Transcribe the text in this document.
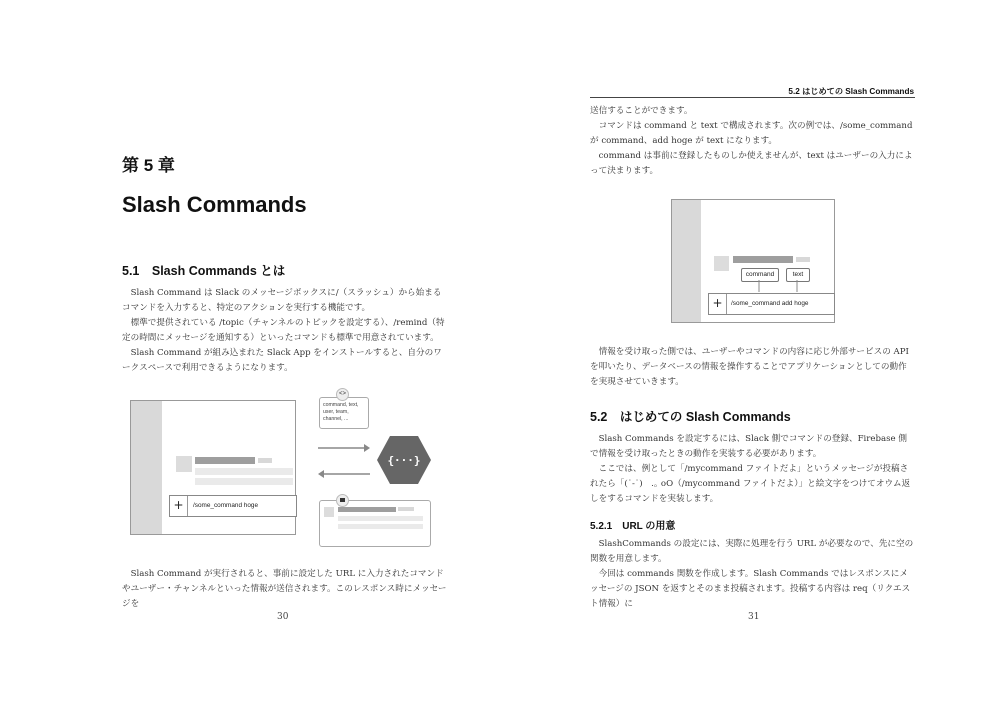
第 5 章
Slash Commands
5.1　Slash Commands とは

Slash Command は Slack のメッセージボックスに/（スラッシュ）から始まるコマンドを入力すると、特定のアクションを実行する機能です。

標準で提供されている /topic（チャンネルのトピックを設定する）、/remind（特定の時間にメッセージを通知する）といったコマンドも標準で用意されています。

Slash Command が組み込まれた Slack App をインストールすると、自分のワークスペースで利用できるようになります。

+	/some_command hoge
command, text,
user, team,
channel, ...
<>
{···}

Slash Command が実行されると、事前に設定した URL に入力されたコマンドやユーザー・チャンネルといった情報が送信されます。このレスポンス時にメッセージを

30
5.2 はじめての Slash Commands

送信することができます。

コマンドは command と text で構成されます。次の例では、/some_command が command、add hoge が text になります。

command は事前に登録したものしか使えませんが、text はユーザーの入力によって決まります。

command	text
+	/some_command add hoge

情報を受け取った側では、ユーザーやコマンドの内容に応じ外部サービスの API を叩いたり、データベースの情報を操作することでアプリケーションとしての動作を実現させていきます。

5.2　はじめての Slash Commands

Slash Commands を設定するには、Slack 側でコマンドの登録、Firebase 側で情報を受け取ったときの動作を実装する必要があります。

ここでは、例として「/mycommand ファイトだよ」というメッセージが投稿されたら「(˙-˙)　.｡ oO（/mycommand ファイトだよ）」と絵文字をつけてオウム返しをするコマンドを実装します。

5.2.1　URL の用意

SlashCommands の設定には、実際に処理を行う URL が必要なので、先に空の関数を用意します。

今回は commands 関数を作成します。Slash Commands ではレスポンスにメッセージの JSON を返すとそのまま投稿されます。投稿する内容は req（リクエスト情報）に

31
